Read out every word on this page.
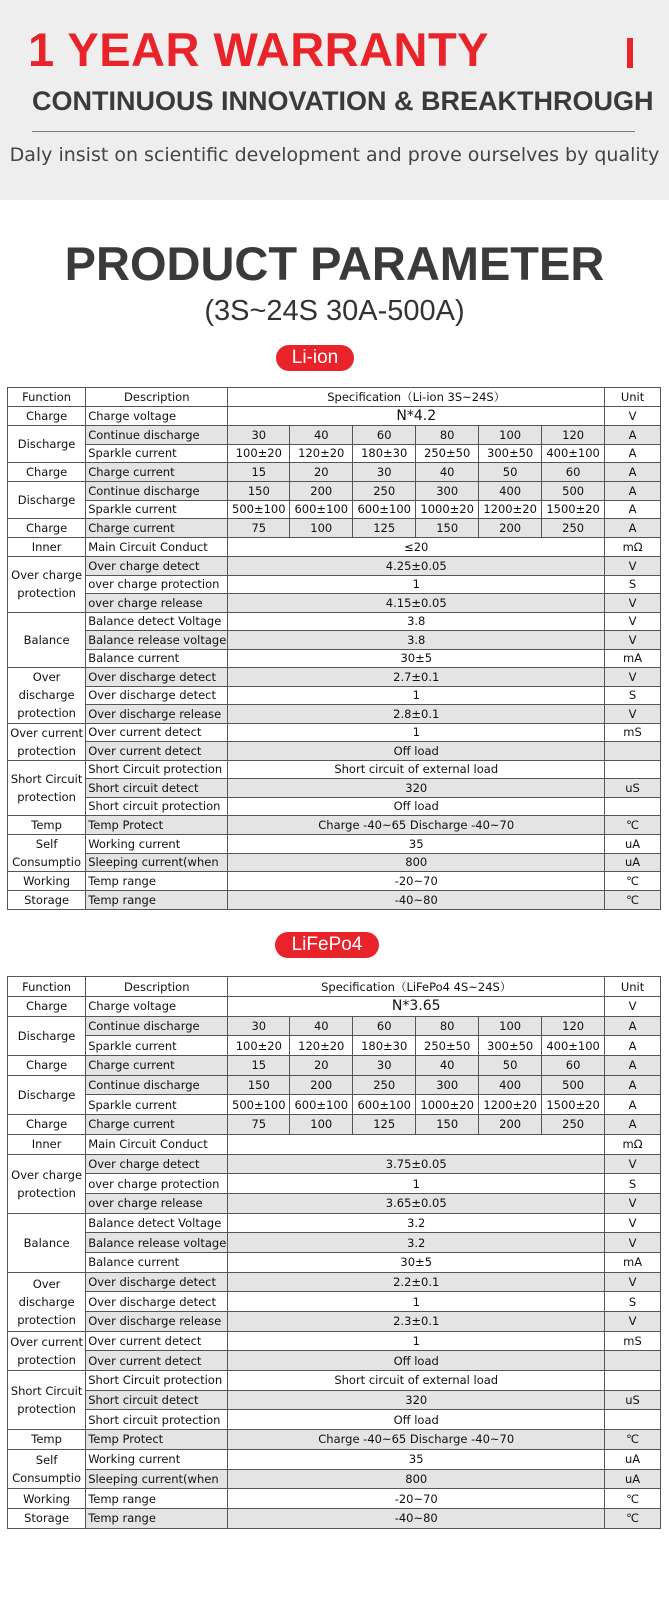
1 YEAR WARRANTY
CONTINUOUS INNOVATION & BREAKTHROUGH
Daly insist on scientific development and prove ourselves by quality
PRODUCT PARAMETER
(3S~24S 30A-500A)
Li-ion
LiFePo4
Function	Description	Specification（Li-ion 3S~24S）						Unit
Charge	Charge voltage	N*4.2						V
Discharge	Continue discharge	30	40	60	80	100	120	A
	Sparkle current	100±20	120±20	180±30	250±50	300±50	400±100	A
Charge	Charge current	15	20	30	40	50	60	A
Discharge	Continue discharge	150	200	250	300	400	500	A
	Sparkle current	500±100	600±100	600±100	1000±20	1200±20	1500±20	A
Charge	Charge current	75	100	125	150	200	250	A
Inner	Main Circuit Conduct	≤20						mΩ
Over charge protection	Over charge detect	4.25±0.05						V
	over charge protection	1						S
	over charge release	4.15±0.05						V
Balance	Balance detect Voltage	3.8						V
	Balance release voltage	3.8						V
	Balance current	30±5						mA
Over discharge protection	Over discharge detect	2.7±0.1						V
	Over discharge detect	1						S
	Over discharge release	2.8±0.1						V
Over current protection	Over current detect	1						mS
	Over current detect	Off load						
Short Circuit protection	Short Circuit protection	Short circuit of external load						
	Short circuit detect	320						uS
	Short circuit protection	Off load						
Temp	Temp Protect	Charge -40~65 Discharge -40~70						℃
Self Consumptio	Working current	35						uA
	Sleeping current(when	800						uA
Working	Temp range	-20~70						℃
Storage	Temp range	-40~80						℃
Function	Description	Specification（LiFePo4 4S~24S）						Unit
Charge	Charge voltage	N*3.65						V
Discharge	Continue discharge	30	40	60	80	100	120	A
	Sparkle current	100±20	120±20	180±30	250±50	300±50	400±100	A
Charge	Charge current	15	20	30	40	50	60	A
Discharge	Continue discharge	150	200	250	300	400	500	A
	Sparkle current	500±100	600±100	600±100	1000±20	1200±20	1500±20	A
Charge	Charge current	75	100	125	150	200	250	A
Inner	Main Circuit Conduct							mΩ
Over charge protection	Over charge detect	3.75±0.05						V
	over charge protection	1						S
	over charge release	3.65±0.05						V
Balance	Balance detect Voltage	3.2						V
	Balance release voltage	3.2						V
	Balance current	30±5						mA
Over discharge protection	Over discharge detect	2.2±0.1						V
	Over discharge detect	1						S
	Over discharge release	2.3±0.1						V
Over current protection	Over current detect	1						mS
	Over current detect	Off load						
Short Circuit protection	Short Circuit protection	Short circuit of external load						
	Short circuit detect	320						uS
	Short circuit protection	Off load						
Temp	Temp Protect	Charge -40~65 Discharge -40~70						℃
Self Consumptio	Working current	35						uA
	Sleeping current(when	800						uA
Working	Temp range	-20~70						℃
Storage	Temp range	-40~80						℃
